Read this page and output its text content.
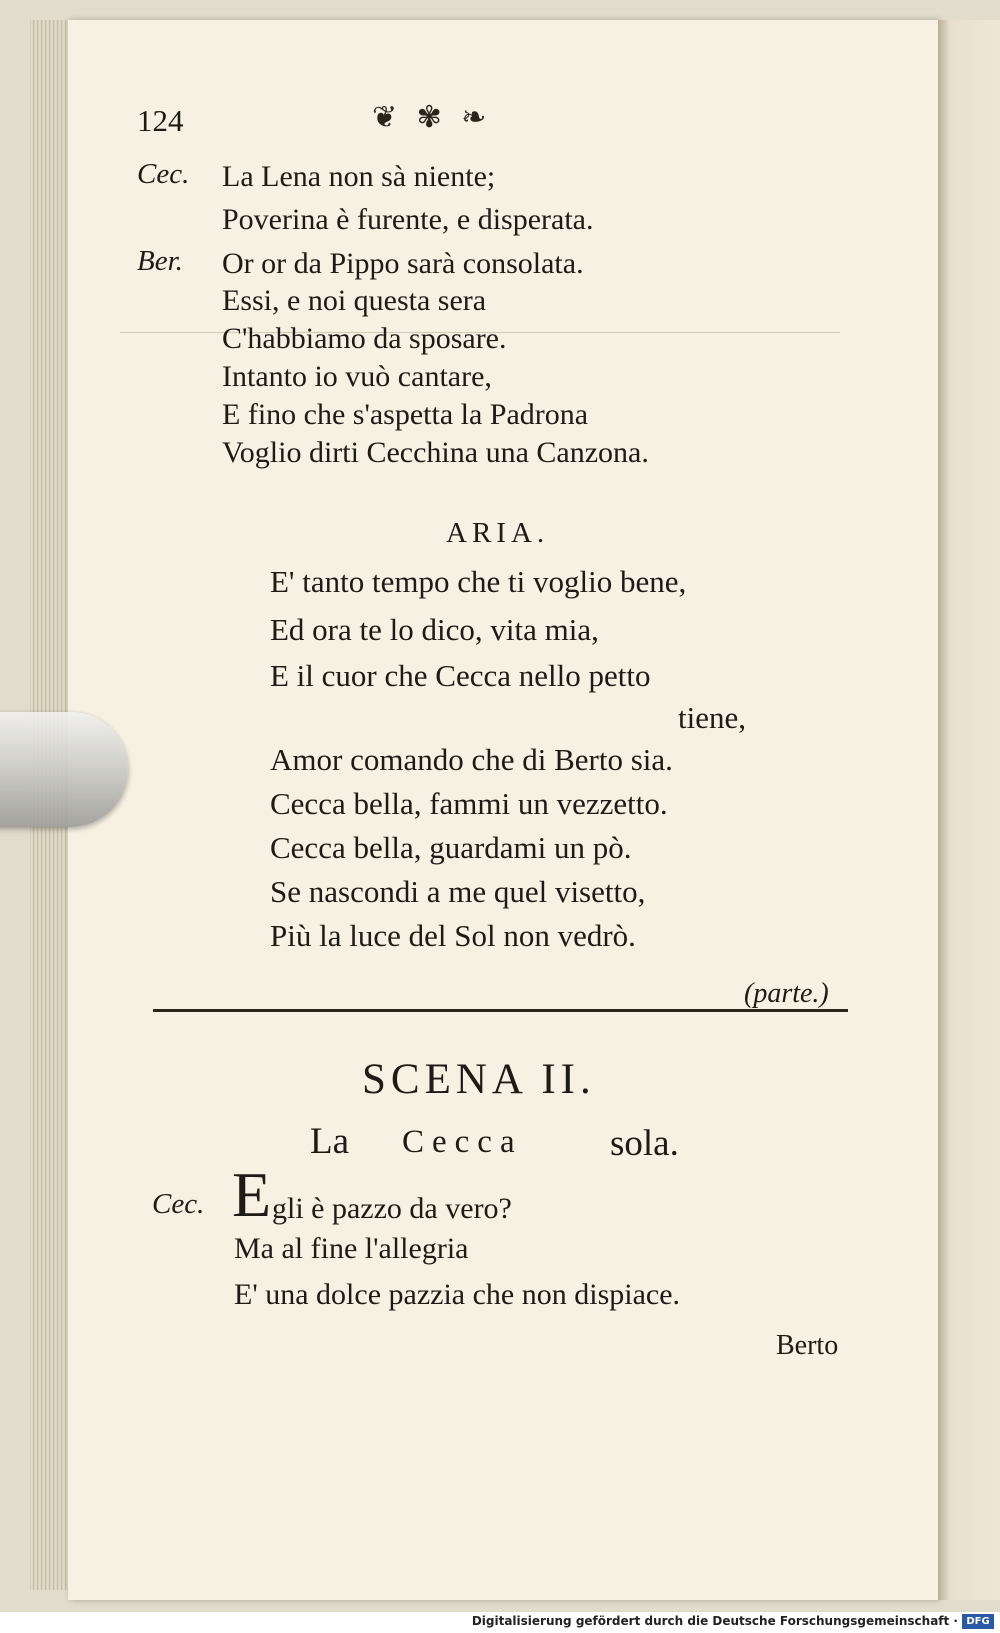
124	❦ ✾ ❧
Cec. La Lena non sà niente;
Poverina è furente, e disperata.
Ber. Or or da Pippo sarà consolata.
Essi, e noi questa sera
C'habbiamo da sposare.
Intanto io vuò cantare,
E fino che s'aspetta la Padrona
Voglio dirti Cecchina una Canzona.
ARIA.
E' tanto tempo che ti voglio bene,
Ed ora te lo dico, vita mia,
E il cuor che Cecca nello petto
tiene,
Amor comando che di Berto sia.
Cecca bella, fammi un vezzetto.
Cecca bella, guardami un pò.
Se nascondi a me quel visetto,
Più la luce del Sol non vedrò.
(parte.)
SCENA II.
La Cecca sola.
Cec. E gli è pazzo da vero?
Ma al fine l'allegria
E' una dolce pazzia che non dispiace.
Berto
Digitalisierung gefördert durch die Deutsche Forschungsgemeinschaft · DFG
